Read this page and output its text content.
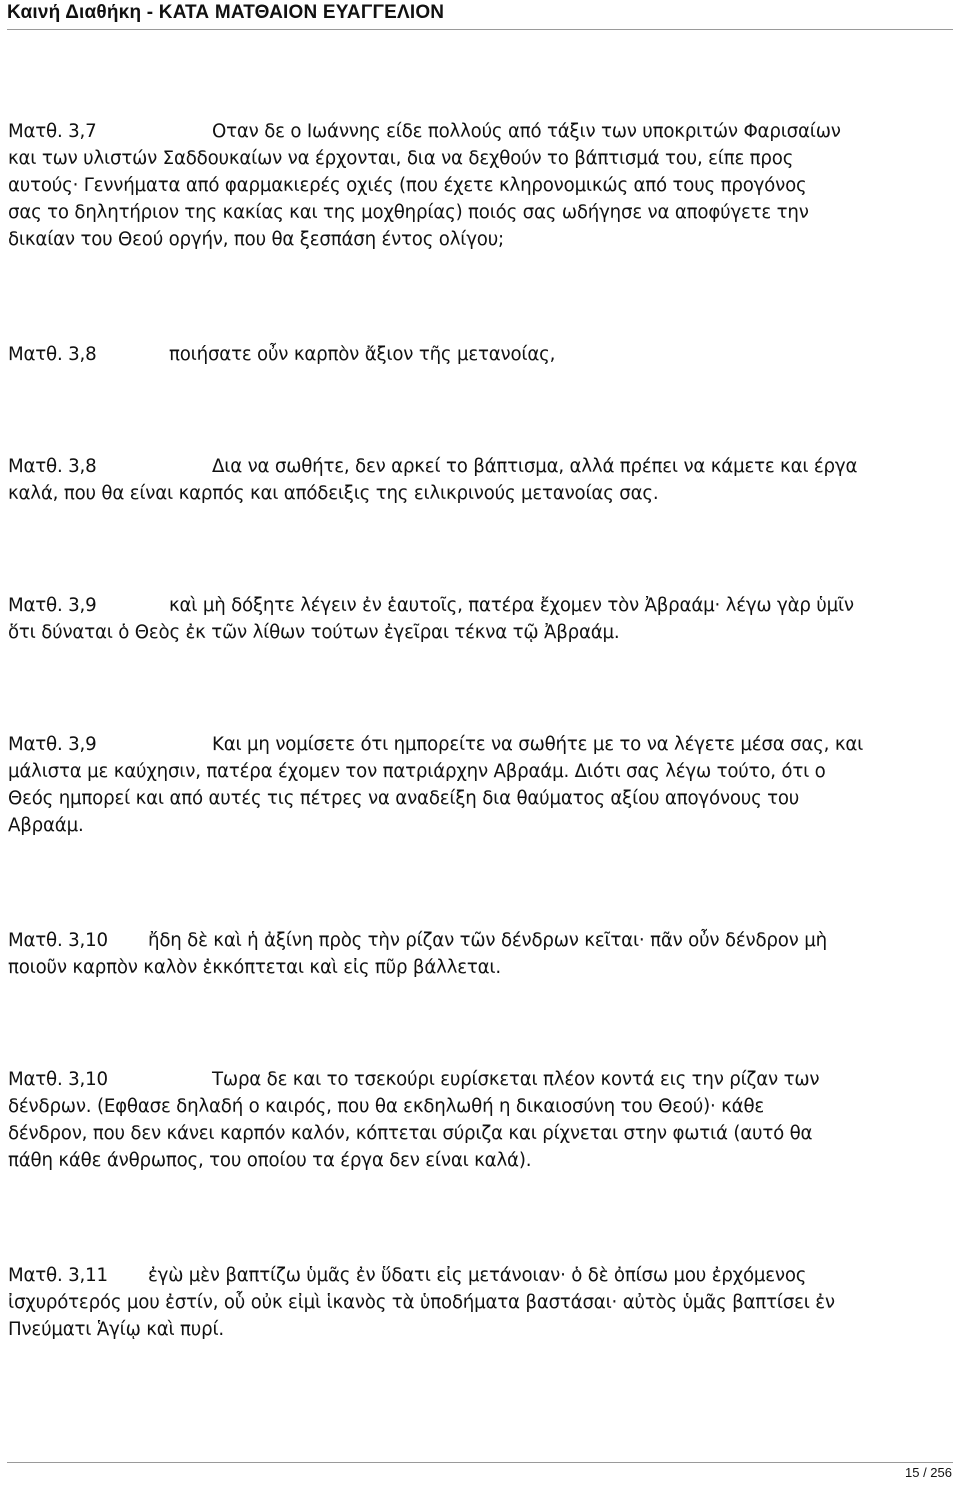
Καινή Διαθήκη - ΚΑΤΑ ΜΑΤΘΑΙΟΝ ΕΥΑΓΓΕΛΙΟΝ
Ματθ. 3,7	Οταν δε ο Ιωάννης είδε πολλούς από τάξιν των υποκριτών Φαρισαίων
και των υλιστών Σαδδουκαίων να έρχονται, δια να δεχθούν το βάπτισμά του, είπε προς
αυτούς· Γεννήματα από φαρμακιερές οχιές (που έχετε κληρονομικώς από τους προγόνος
σας το δηλητήριον της κακίας και της μοχθηρίας) ποιός σας ωδήγησε να αποφύγετε την
δικαίαν του Θεού οργήν, που θα ξεσπάση έντος ολίγου;
Ματθ. 3,8	ποιήσατε οὖν καρπὸν ἄξιον τῆς μετανοίας,
Ματθ. 3,8	Δια να σωθήτε, δεν αρκεί το βάπτισμα, αλλά πρέπει να κάμετε και έργα
καλά, που θα είναι καρπός και απόδειξις της ειλικρινούς μετανοίας σας.
Ματθ. 3,9	καὶ μὴ δόξητε λέγειν ἐν ἑαυτοῖς, πατέρα ἔχομεν τὸν Ἀβραάμ· λέγω γὰρ ὑμῖν
ὅτι δύναται ὁ Θεὸς ἐκ τῶν λίθων τούτων ἐγεῖραι τέκνα τῷ Ἀβραάμ.
Ματθ. 3,9	Και μη νομίσετε ότι ημπορείτε να σωθήτε με το να λέγετε μέσα σας, και
μάλιστα με καύχησιν, πατέρα έχομεν τον πατριάρχην Αβραάμ. Διότι σας λέγω τούτο, ότι ο
Θεός ημπορεί και από αυτές τις πέτρες να αναδείξη δια θαύματος αξίου απογόνους του
Αβραάμ.
Ματθ. 3,10 ἤδη δὲ καὶ ἡ ἀξίνη πρὸς τὴν ρίζαν τῶν δένδρων κεῖται· πᾶν οὖν δένδρον μὴ
ποιοῦν καρπὸν καλὸν ἐκκόπτεται καὶ εἰς πῦρ βάλλεται.
Ματθ. 3,10	Τωρα δε και το τσεκούρι ευρίσκεται πλέον κοντά εις την ρίζαν των
δένδρων. (Εφθασε δηλαδή ο καιρός, που θα εκδηλωθή η δικαιοσύνη του Θεού)· κάθε
δένδρον, που δεν κάνει καρπόν καλόν, κόπτεται σύριζα και ρίχνεται στην φωτιά (αυτό θα
πάθη κάθε άνθρωπος, του οποίου τα έργα δεν είναι καλά).
Ματθ. 3,11 ἐγὼ μὲν βαπτίζω ὑμᾶς ἐν ὕδατι εἰς μετάνοιαν· ὁ δὲ ὀπίσω μου ἐρχόμενος
ἰσχυρότερός μου ἐστίν, οὗ οὐκ εἰμὶ ἱκανὸς τὰ ὑποδήματα βαστάσαι· αὐτὸς ὑμᾶς βαπτίσει ἐν
Πνεύματι Ἁγίῳ καὶ πυρί.
15 / 256
